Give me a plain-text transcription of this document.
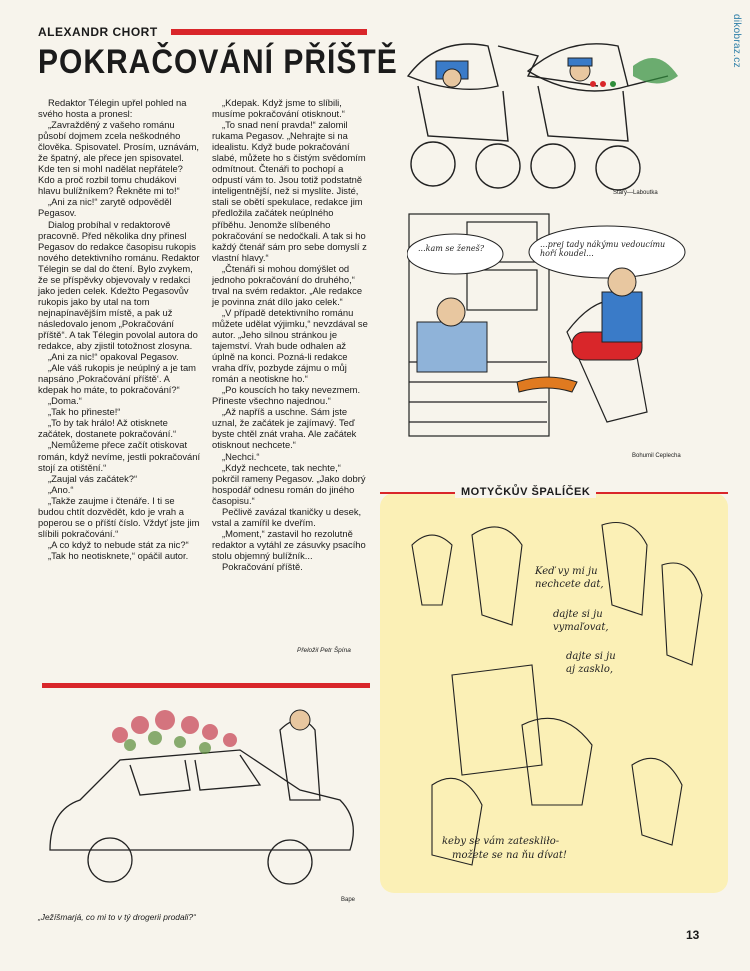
ALEXANDR CHORT
POKRAČOVÁNÍ PŘÍŠTĚ	dikobraz.cz

Redaktor Télegin upřel pohled na svého hosta a pronesl:

„Zavražděný z vašeho románu působí dojmem zcela neškodného člověka. Spisovatel. Prosím, uznávám, že špatný, ale přece jen spisovatel. Kde ten si mohl nadělat nepřátele? Kdo a proč rozbil tomu chudákovi hlavu bulížníkem? Řekněte mi to!“

„Ani za nic!“ zarytě odpověděl Pegasov.

Dialog probíhal v redaktorově pracovně. Před několika dny přinesl Pegasov do redakce časopisu rukopis nového detektivního románu. Redaktor Télegin se dal do čtení. Bylo zvykem, že se příspěvky objevovaly v redakci jako jeden celek. Kdežto Pegasovův rukopis jako by utal na tom nejnapínavějším místě, a pak už následovalo jenom „Pokračování příště“. A tak Télegin povolal autora do redakce, aby zjistil totožnost zlosyna.

„Ani za nic!“ opakoval Pegasov.

„Ale váš rukopis je neúplný a je tam napsáno ‚Pokračování příště‘. A kdepak ho máte, to pokračování?“

„Doma.“

„Tak ho přineste!“

„To by tak hrálo! Až otisknete začátek, dostanete pokračování.“

„Nemůžeme přece začít otiskovat román, když nevíme, jestli pokračování stojí za otištění.“

„Zaujal vás začátek?“

„Ano.“

„Takže zaujme i čtenáře. I ti se budou chtít dozvědět, kdo je vrah a poperou se o příští číslo. Vždyť jste jim slíbili pokračování.“

„A co když to nebude stát za nic?“

„Tak ho neotisknete,“ opáčil autor.

„Kdepak. Když jsme to slíbili, musíme pokračování otisknout.“

„To snad není pravda!“ zalomil rukama Pegasov. „Nehrajte si na idealistu. Když bude pokračování slabé, můžete ho s čistým svědomím odmítnout. Čtenáři to pochopí a odpustí vám to. Jsou totiž podstatně inteligentnější, než si myslíte. Jisté, stali se obětí spekulace, redakce jim předložila začátek neúplného příběhu. Jenomže slíbeného pokračování se nedočkali. A tak si ho každý čtenář sám pro sebe domyslí z vlastní hlavy.“

„Čtenáři si mohou domýšlet od jednoho pokračování do druhého,“ trval na svém redaktor. „Ale redakce je povinna znát dílo jako celek.“

„V případě detektivního románu můžete udělat výjimku,“ nevzdával se autor. „Jeho silnou stránkou je tajemství. Vrah bude odhalen až úplně na konci. Pozná-li redakce vraha dřív, pozbyde zájmu o můj román a neotiskne ho.“

„Po kouscích ho taky nevezmem. Přineste všechno najednou.“

„Až napříš a uschne. Sám jste uznal, že začátek je zajímavý. Teď byste chtěl znát vraha. Ale začátek otisknout nechcete.“

„Nechci.“

„Když nechcete, tak nechte,“ pokrčil rameny Pegasov. „Jako dobrý hospodář odnesu román do jiného časopisu.“

Pečlivě zavázal tkaničky u desek, vstal a zamířil ke dveřím.

„Moment,“ zastavil ho rezolutně redaktor a vytáhl ze zásuvky psacího stolu objemný bulížník...

Pokračování příště.

Přeložil Petr Špína
Starý—Laboutka
...kam se ženeš?	...prej tady nákýmu vedoucímu hoří koudel...
Bohumil Ceplecha
MOTYČKŮV ŠPALÍČEK
Keď vy mi ju nechcete dat,
dajte si ju vymaľovat,
dajte si ju aj zasklo,
keby se vám zateskliło-
možete se na ňu dívat!
Bape
„Ježíšmarjá, co mi to v tý drogerii prodali?“
13
